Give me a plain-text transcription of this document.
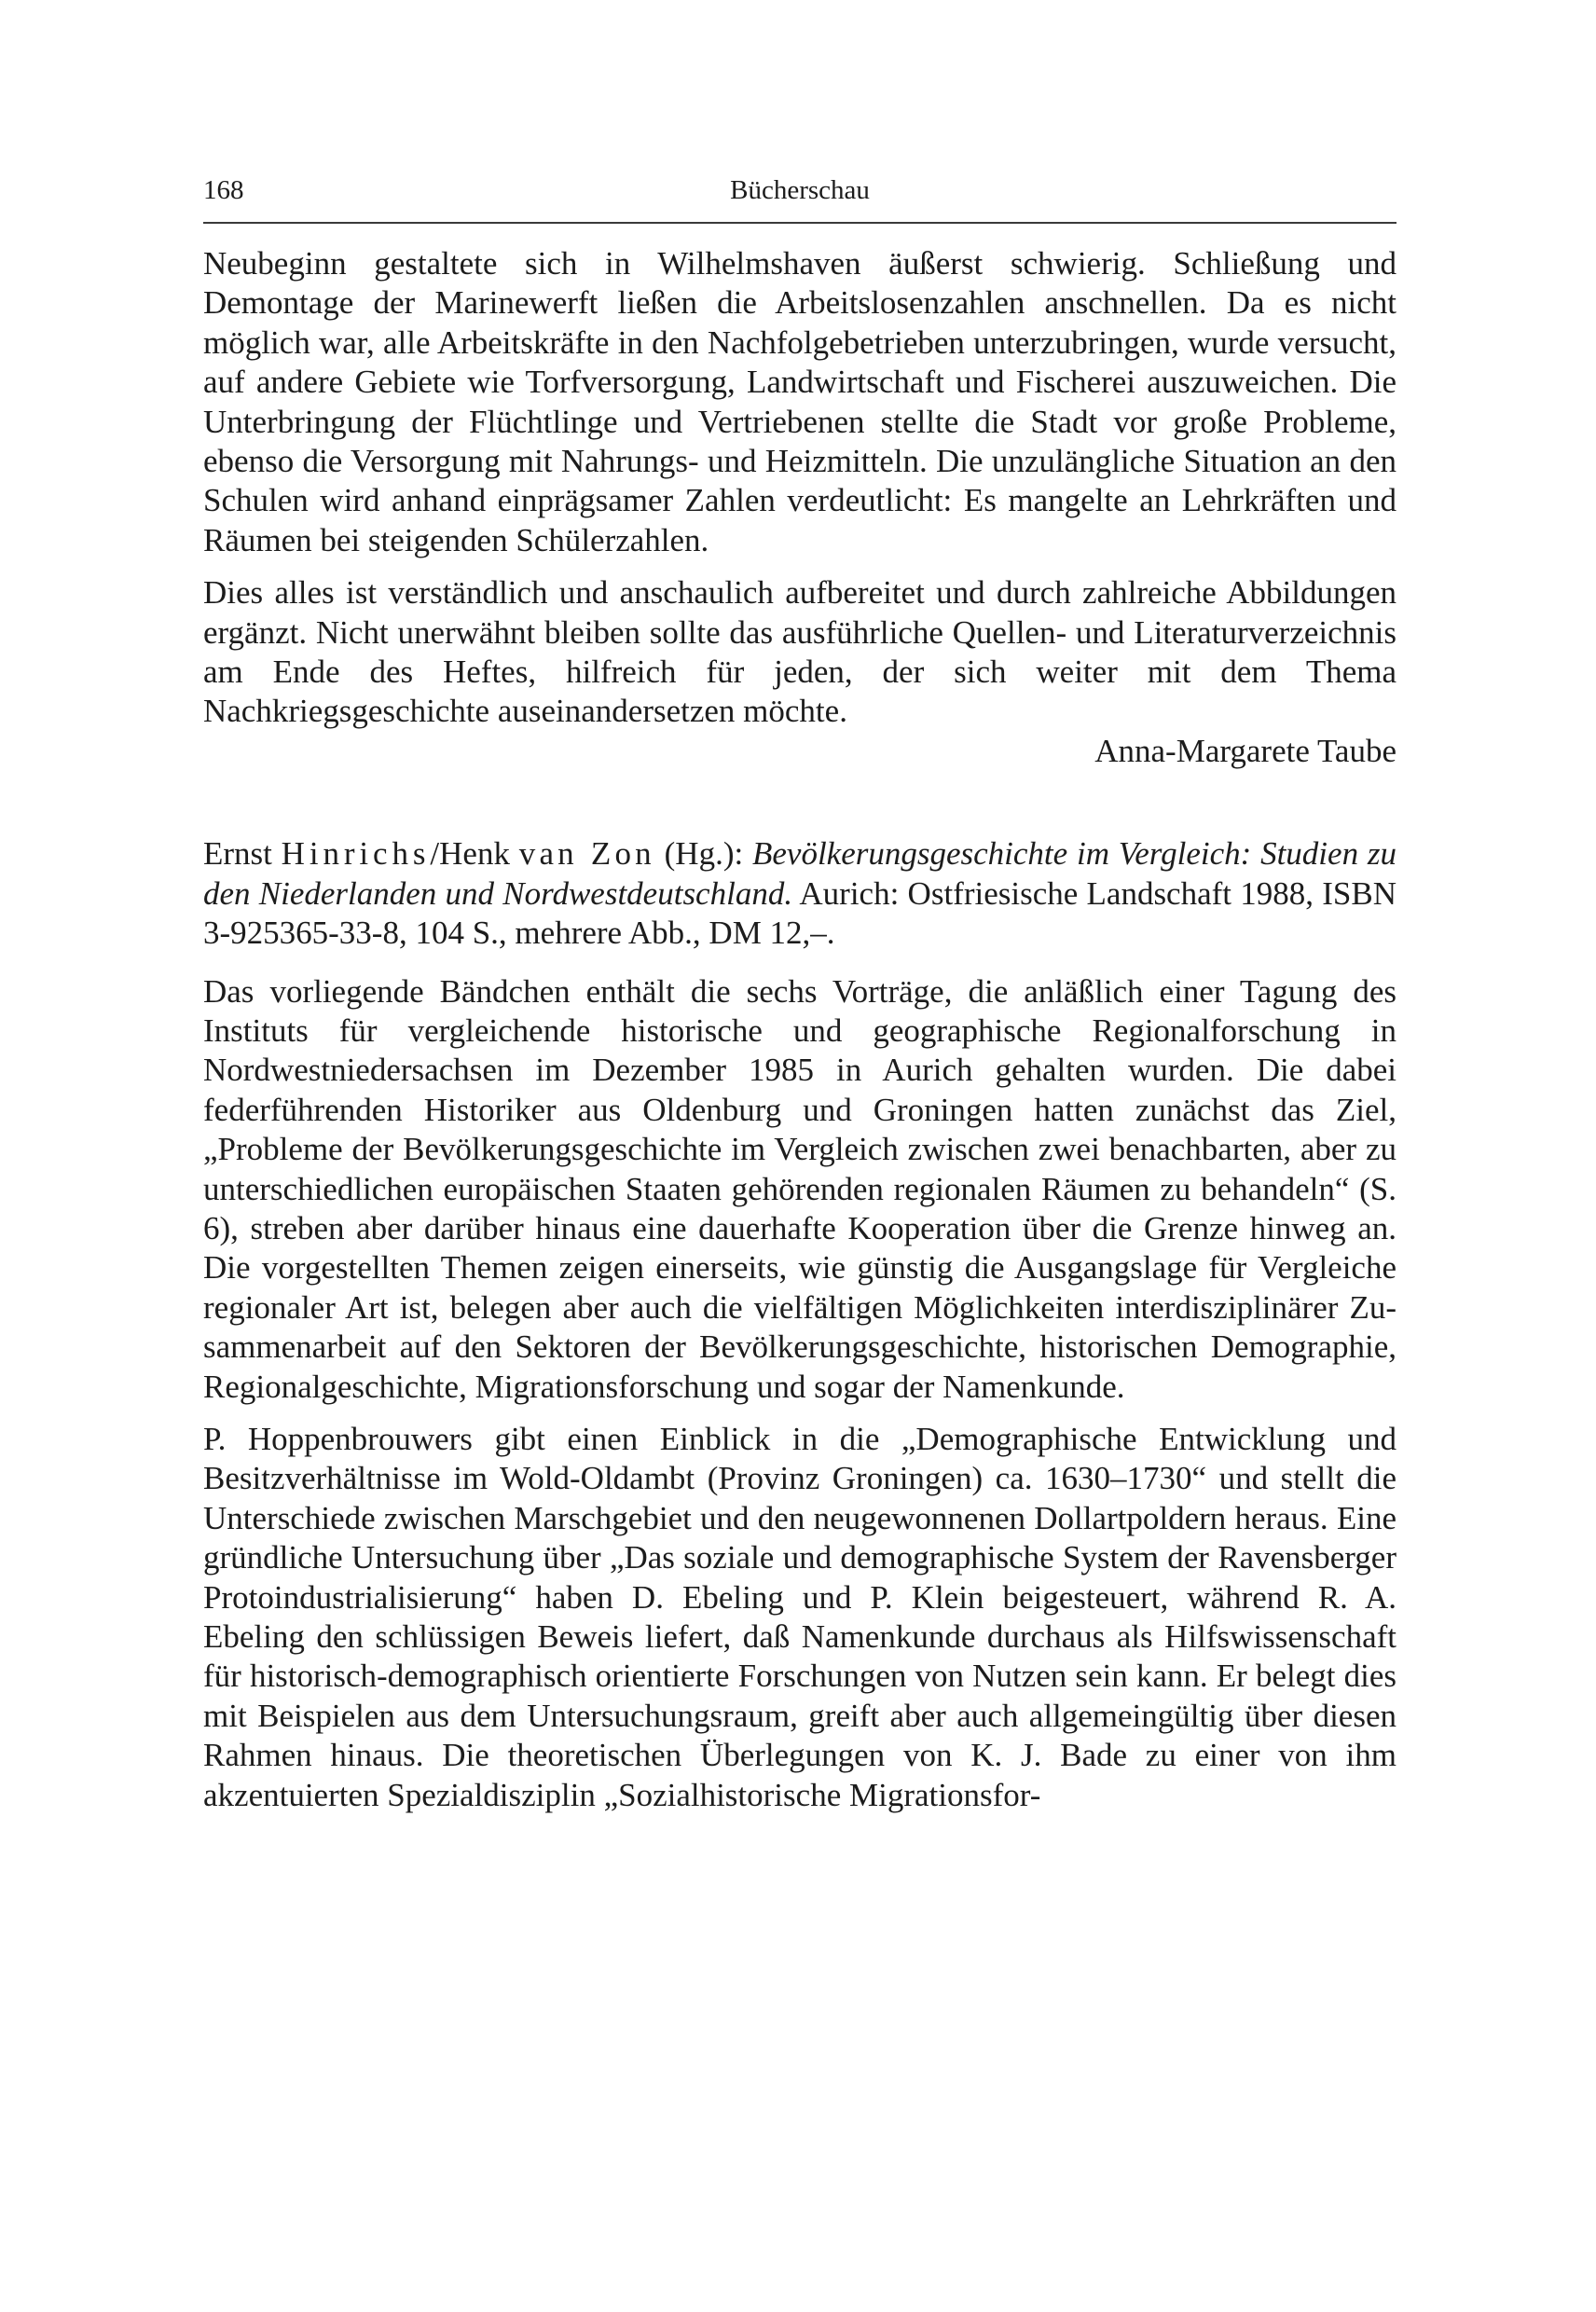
168	Bücherschau

Neubeginn gestaltete sich in Wilhelmshaven äußerst schwierig. Schließung und Demontage der Marinewerft ließen die Arbeitslosenzahlen anschnellen. Da es nicht möglich war, alle Arbeitskräfte in den Nachfolgebetrieben unterzubringen, wurde versucht, auf andere Gebiete wie Torfversorgung, Landwirtschaft und Fischerei auszuweichen. Die Unterbringung der Flüchtlinge und Vertriebenen stellte die Stadt vor große Probleme, ebenso die Versorgung mit Nahrungs- und Heizmitteln. Die unzulängliche Situation an den Schulen wird anhand einprägsamer Zahlen verdeutlicht: Es mangelte an Lehrkräften und Räumen bei steigenden Schülerzahlen.

Dies alles ist verständlich und anschaulich aufbereitet und durch zahlreiche Abbildungen ergänzt. Nicht unerwähnt bleiben sollte das ausführliche Quellen- und Literaturverzeichnis am Ende des Heftes, hilfreich für jeden, der sich weiter mit dem Thema Nachkriegsgeschichte auseinandersetzen möchte.

Anna-Margarete Taube

Ernst Hinrichs/Henk van Zon (Hg.): Bevölkerungsgeschichte im Vergleich: Studien zu den Niederlanden und Nordwestdeutschland. Aurich: Ostfriesische Landschaft 1988, ISBN 3-925365-33-8, 104 S., mehrere Abb., DM 12,–.

Das vorliegende Bändchen enthält die sechs Vorträge, die anläßlich einer Tagung des Instituts für vergleichende historische und geographische Regionalforschung in Nordwestniedersachsen im Dezember 1985 in Aurich gehalten wurden. Die dabei federführenden Historiker aus Oldenburg und Groningen hatten zunächst das Ziel, „Probleme der Bevölkerungsgeschichte im Vergleich zwischen zwei benachbarten, aber zu unterschiedlichen europäischen Staaten gehörenden regionalen Räumen zu behandeln“ (S. 6), streben aber darüber hinaus eine dauerhafte Kooperation über die Grenze hinweg an. Die vorgestellten Themen zeigen einerseits, wie günstig die Ausgangslage für Vergleiche regionaler Art ist, belegen aber auch die vielfältigen Möglichkeiten interdisziplinärer Zusammenarbeit auf den Sektoren der Bevölkerungsgeschichte, historischen Demographie, Regionalgeschichte, Migrationsforschung und sogar der Namenkunde.

P. Hoppenbrouwers gibt einen Einblick in die „Demographische Entwicklung und Besitzverhältnisse im Wold-Oldambt (Provinz Groningen) ca. 1630–1730“ und stellt die Unterschiede zwischen Marschgebiet und den neugewonnenen Dollartpoldern heraus. Eine gründliche Untersuchung über „Das soziale und demographische System der Ravensberger Protoindustrialisierung“ haben D. Ebeling und P. Klein beigesteuert, während R. A. Ebeling den schlüssigen Beweis liefert, daß Namenkunde durchaus als Hilfswissenschaft für historisch-demographisch orientierte Forschungen von Nutzen sein kann. Er belegt dies mit Beispielen aus dem Untersuchungsraum, greift aber auch allgemeingültig über diesen Rahmen hinaus. Die theoretischen Überlegungen von K. J. Bade zu einer von ihm akzentuierten Spezialdisziplin „Sozialhistorische Migrationsfor-
